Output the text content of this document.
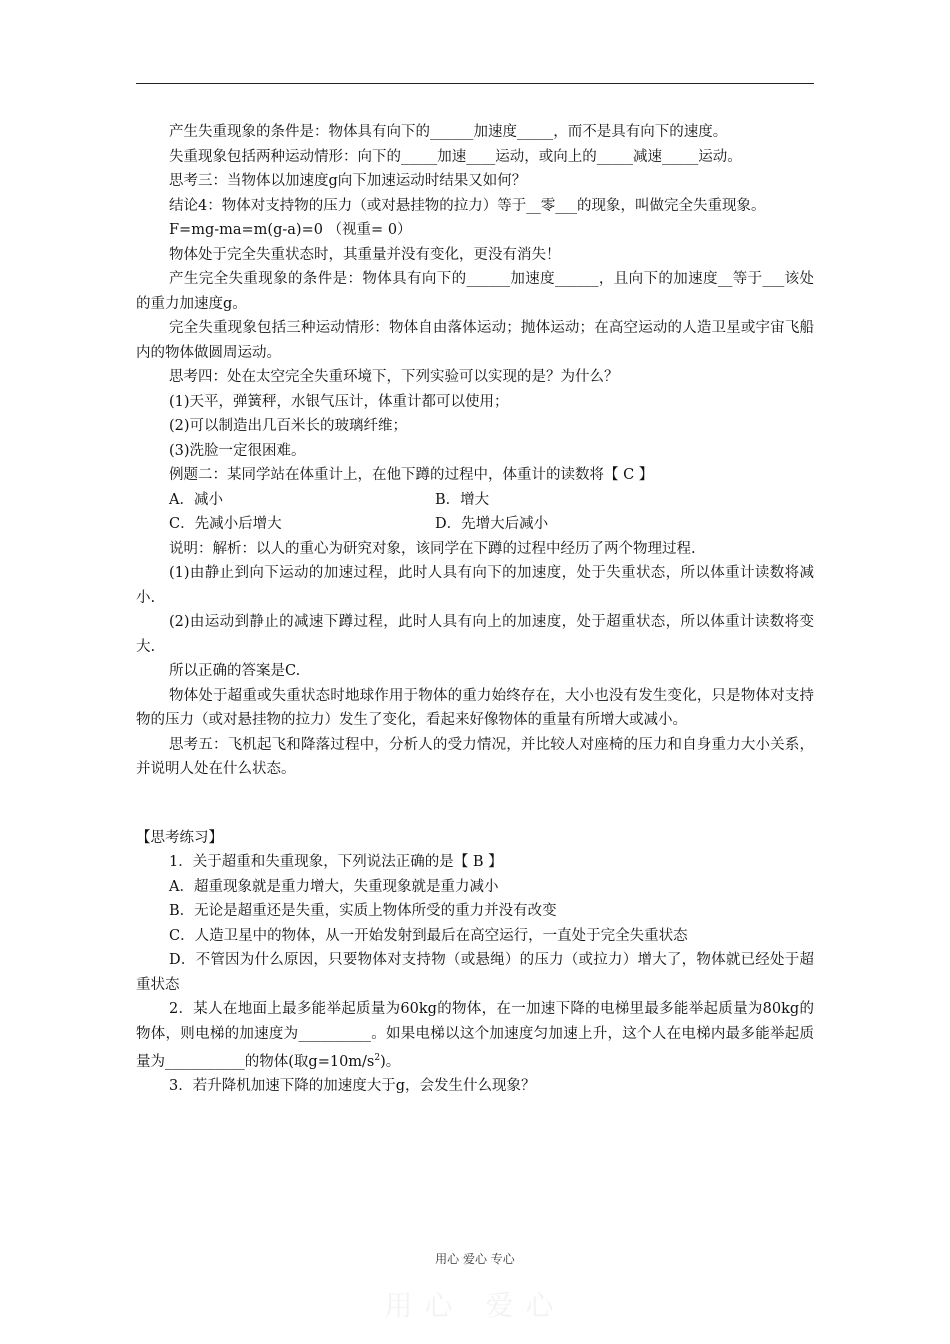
产生失重现象的条件是：物体具有向下的______加速度_____，而不是具有向下的速度。

失重现象包括两种运动情形：向下的_____加速____运动，或向上的_____减速_____运动。

思考三：当物体以加速度g向下加速运动时结果又如何？

结论4：物体对支持物的压力（或对悬挂物的拉力）等于__零___的现象，叫做完全失重现象。

F=mg-ma=m(g-a)=0 （视重= 0）

物体处于完全失重状态时，其重量并没有变化，更没有消失！

产生完全失重现象的条件是：物体具有向下的______加速度______，且向下的加速度__等于___该处的重力加速度g。

完全失重现象包括三种运动情形：物体自由落体运动；抛体运动；在高空运动的人造卫星或宇宙飞船内的物体做圆周运动。

思考四：处在太空完全失重环境下，下列实验可以实现的是？为什么？

(1)天平，弹簧秤，水银气压计，体重计都可以使用；

(2)可以制造出几百米长的玻璃纤维；

(3)洗脸一定很困难。

例题二：某同学站在体重计上，在他下蹲的过程中，体重计的读数将【 C 】

A．减小	B．增大
C．先减小后增大	D．先增大后减小

说明：解析：以人的重心为研究对象，该同学在下蹲的过程中经历了两个物理过程.

(1)由静止到向下运动的加速过程，此时人具有向下的加速度，处于失重状态，所以体重计读数将减小.

(2)由运动到静止的减速下蹲过程，此时人具有向上的加速度，处于超重状态，所以体重计读数将变大.

所以正确的答案是C.

物体处于超重或失重状态时地球作用于物体的重力始终存在，大小也没有发生变化，只是物体对支持物的压力（或对悬挂物的拉力）发生了变化，看起来好像物体的重量有所增大或减小。

思考五：飞机起飞和降落过程中，分析人的受力情况，并比较人对座椅的压力和自身重力大小关系，并说明人处在什么状态。

【思考练习】

1．关于超重和失重现象，下列说法正确的是【 B 】

A．超重现象就是重力增大，失重现象就是重力减小

B．无论是超重还是失重，实质上物体所受的重力并没有改变

C．人造卫星中的物体，从一开始发射到最后在高空运行，一直处于完全失重状态

D．不管因为什么原因，只要物体对支持物（或悬绳）的压力（或拉力）增大了，物体就已经处于超重状态

2．某人在地面上最多能举起质量为60kg的物体，在一加速下降的电梯里最多能举起质量为80kg的物体，则电梯的加速度为__________。如果电梯以这个加速度匀加速上升，这个人在电梯内最多能举起质量为___________的物体(取$g=10m/s^2$)。

3．若升降机加速下降的加速度大于g，会发生什么现象？

用心 爱心 专心
用心 爱心
